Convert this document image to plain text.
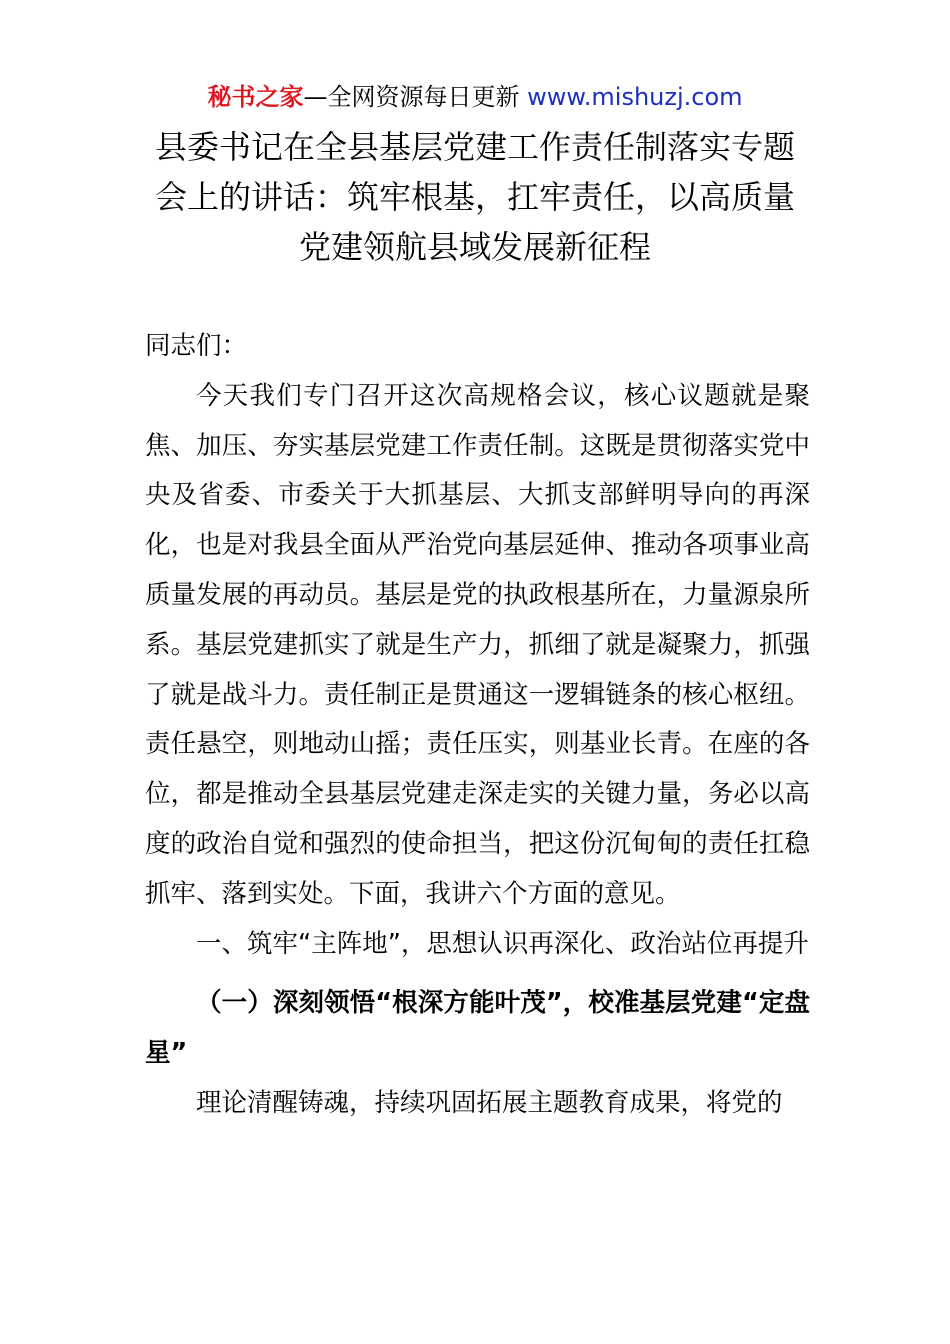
秘书之家—全网资源每日更新 www.mishuzj.com
县委书记在全县基层党建工作责任制落实专题
会上的讲话：筑牢根基，扛牢责任，以高质量
党建领航县域发展新征程

同志们：

今天我们专门召开这次高规格会议，核心议题就是聚焦、加压、夯实基层党建工作责任制。这既是贯彻落实党中央及省委、市委关于大抓基层、大抓支部鲜明导向的再深化，也是对我县全面从严治党向基层延伸、推动各项事业高质量发展的再动员。基层是党的执政根基所在，力量源泉所系。基层党建抓实了就是生产力，抓细了就是凝聚力，抓强了就是战斗力。责任制正是贯通这一逻辑链条的核心枢纽。责任悬空，则地动山摇；责任压实，则基业长青。在座的各位，都是推动全县基层党建走深走实的关键力量，务必以高度的政治自觉和强烈的使命担当，把这份沉甸甸的责任扛稳抓牢、落到实处。下面，我讲六个方面的意见。

一、筑牢“主阵地”，思想认识再深化、政治站位再提升

（一）深刻领悟“根深方能叶茂”，校准基层党建“定盘星”

理论清醒铸魂，持续巩固拓展主题教育成果，将党的
